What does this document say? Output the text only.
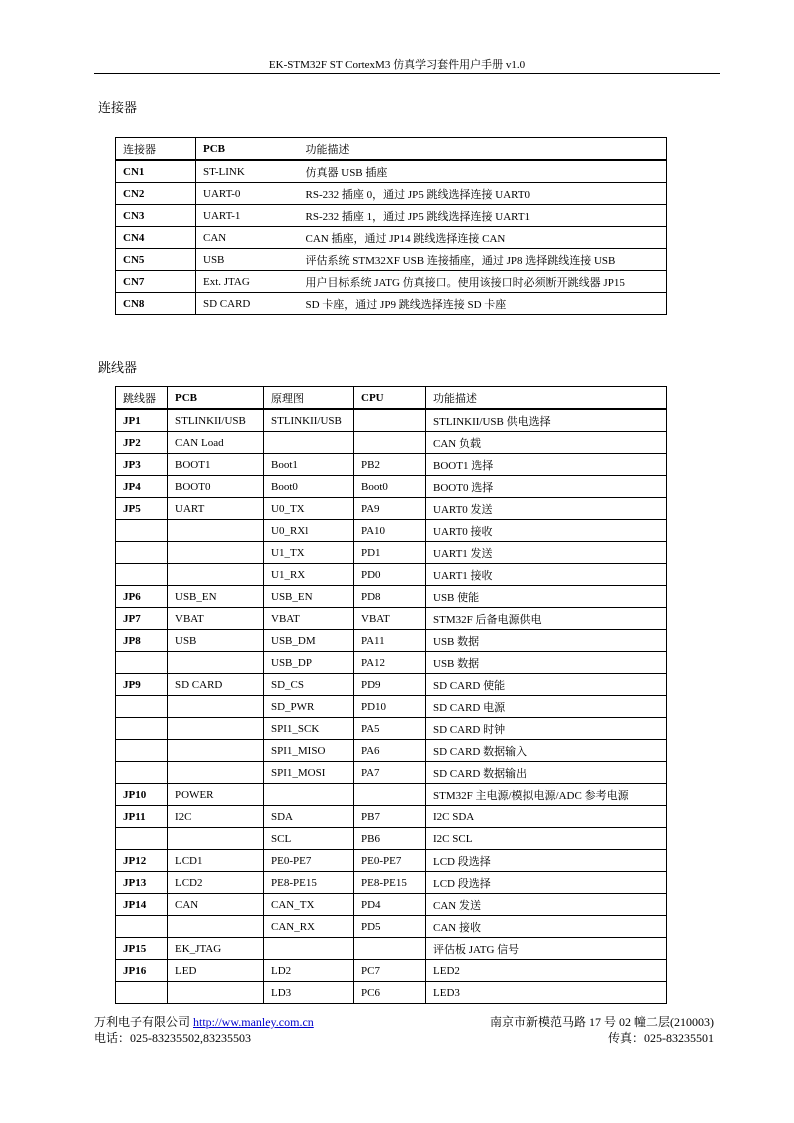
EK-STM32F ST CortexM3 仿真学习套件用户手册 v1.0
连接器
连接器	PCB	功能描述
CN1	ST-LINK	仿真器 USB 插座
CN2	UART-0	RS-232 插座 0，通过 JP5 跳线选择连接 UART0
CN3	UART-1	RS-232 插座 1，通过 JP5 跳线选择连接 UART1
CN4	CAN	CAN 插座，通过 JP14 跳线选择连接 CAN
CN5	USB	评估系统 STM32XF USB 连接插座，通过 JP8 选择跳线连接 USB
CN7	Ext. JTAG	用户目标系统 JATG 仿真接口。使用该接口时必须断开跳线器 JP15
CN8	SD CARD	SD 卡座，通过 JP9 跳线选择连接 SD 卡座
跳线器
跳线器	PCB	原理图	CPU	功能描述
JP1	STLINKII/USB	STLINKII/USB		STLINKII/USB 供电选择
JP2	CAN Load			CAN 负载
JP3	BOOT1	Boot1	PB2	BOOT1 选择
JP4	BOOT0	Boot0	Boot0	BOOT0 选择
JP5	UART	U0_TX	PA9	UART0 发送
		U0_RXl	PA10	UART0 接收
		U1_TX	PD1	UART1 发送
		U1_RX	PD0	UART1 接收
JP6	USB_EN	USB_EN	PD8	USB 使能
JP7	VBAT	VBAT	VBAT	STM32F 后备电源供电
JP8	USB	USB_DM	PA11	USB 数据
		USB_DP	PA12	USB 数据
JP9	SD CARD	SD_CS	PD9	SD CARD 使能
		SD_PWR	PD10	SD CARD 电源
		SPI1_SCK	PA5	SD CARD 时钟
		SPI1_MISO	PA6	SD CARD 数据输入
		SPI1_MOSI	PA7	SD CARD 数据输出
JP10	POWER			STM32F 主电源/模拟电源/ADC 参考电源
JP11	I2C	SDA	PB7	I2C SDA
		SCL	PB6	I2C SCL
JP12	LCD1	PE0-PE7	PE0-PE7	LCD 段选择
JP13	LCD2	PE8-PE15	PE8-PE15	LCD 段选择
JP14	CAN	CAN_TX	PD4	CAN 发送
		CAN_RX	PD5	CAN 接收
JP15	EK_JTAG			评估板 JATG 信号
JP16	LED	LD2	PC7	LED2
		LD3	PC6	LED3
万利电子有限公司 http://ww.manley.com.cn
电话：025-83235502,83235503
南京市新模范马路 17 号 02 幢二层(210003)
传真：025-83235501
